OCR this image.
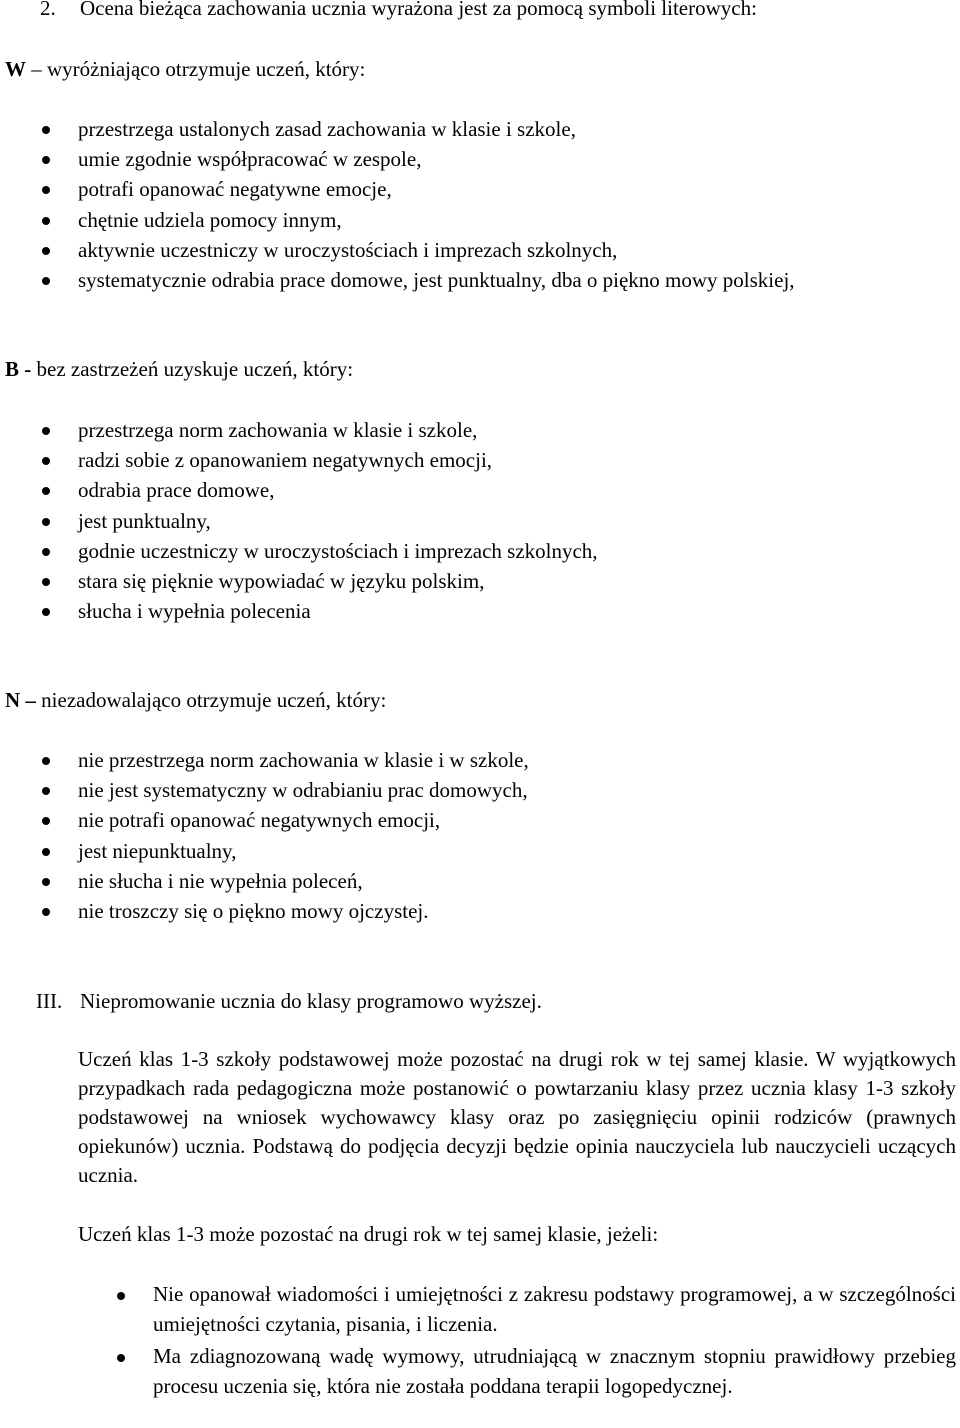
2. Ocena bieżąca zachowania ucznia wyrażona jest za pomocą symboli literowych:
W – wyróżniająco otrzymuje uczeń, który:
przestrzega ustalonych zasad zachowania w klasie i szkole,
umie zgodnie współpracować w zespole,
potrafi opanować negatywne emocje,
chętnie udziela pomocy innym,
aktywnie uczestniczy w uroczystościach i imprezach szkolnych,
systematycznie odrabia prace domowe, jest punktualny, dba o piękno mowy polskiej,
B - bez zastrzeżeń uzyskuje uczeń, który:
przestrzega norm zachowania w klasie i szkole,
radzi sobie z opanowaniem negatywnych emocji,
odrabia prace domowe,
jest punktualny,
godnie uczestniczy w uroczystościach i imprezach szkolnych,
stara się pięknie wypowiadać w języku polskim,
słucha i wypełnia polecenia
N – niezadowalająco otrzymuje uczeń, który:
nie przestrzega norm zachowania w klasie i w szkole,
nie jest systematyczny w odrabianiu prac domowych,
nie potrafi opanować negatywnych emocji,
jest niepunktualny,
nie słucha i nie wypełnia poleceń,
nie troszczy się o piękno mowy ojczystej.
III. Niepromowanie ucznia do klasy programowo wyższej.

Uczeń klas 1-3 szkoły podstawowej może pozostać na drugi rok w tej samej klasie. W wyjątkowych przypadkach rada pedagogiczna może postanowić o powtarzaniu klasy przez ucznia klasy 1-3 szkoły podstawowej na wniosek wychowawcy klasy oraz po zasięgnięciu opinii rodziców (prawnych opiekunów) ucznia. Podstawą do podjęcia decyzji będzie opinia nauczyciela lub nauczycieli uczących ucznia.

Uczeń klas 1-3 może pozostać na drugi rok w tej samej klasie, jeżeli:

Nie opanował wiadomości i umiejętności z zakresu podstawy programowej, a w szczególności umiejętności czytania, pisania, i liczenia.
Ma zdiagnozowaną wadę wymowy, utrudniającą w znacznym stopniu prawidłowy przebieg procesu uczenia się, która nie została poddana terapii logopedycznej.
